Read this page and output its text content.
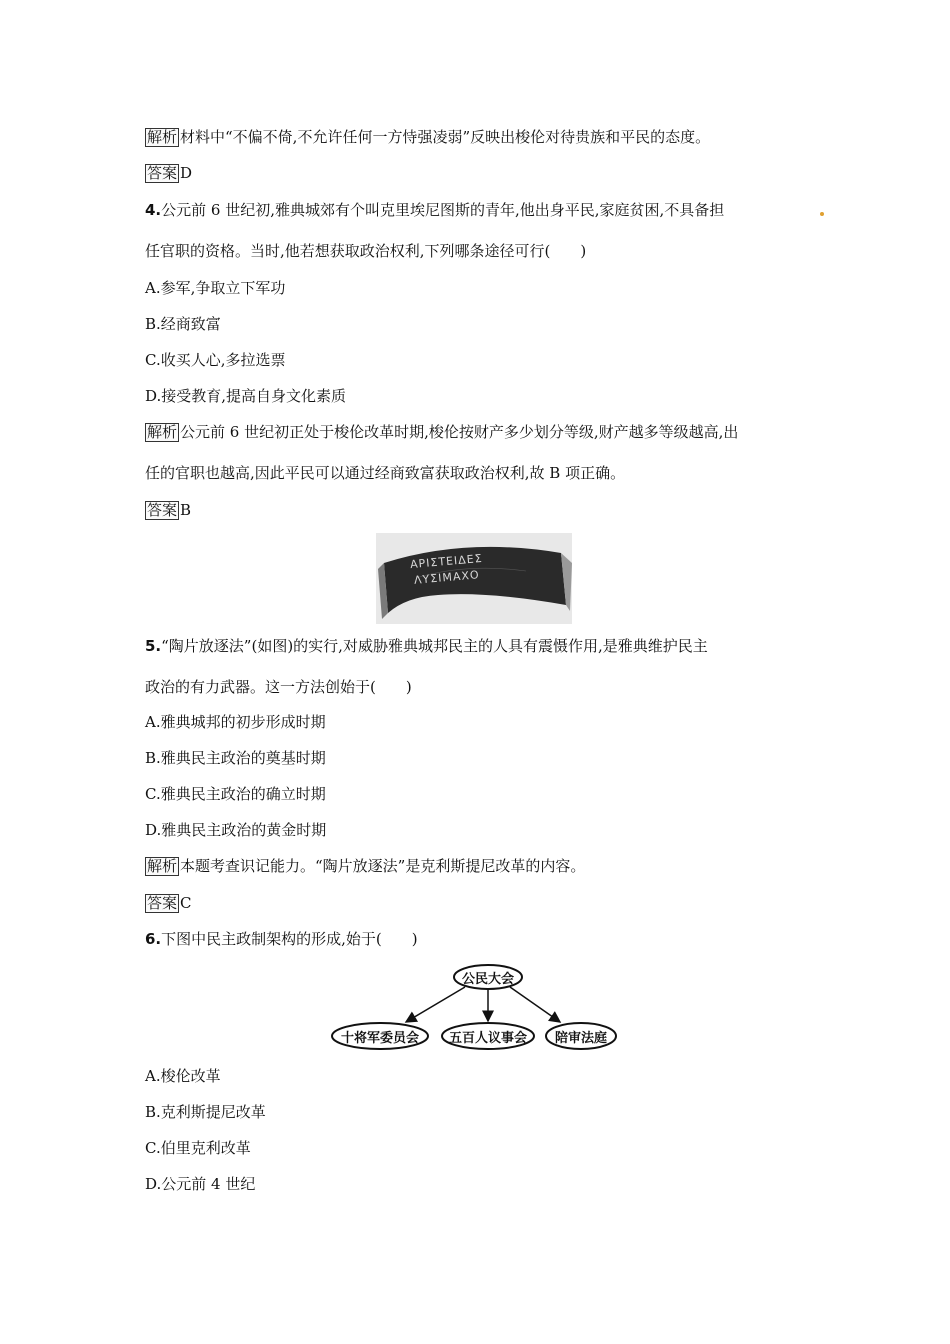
解析 材料中“不偏不倚,不允许任何一方恃强凌弱”反映出梭伦对待贵族和平民的态度。
答案 D
4.公元前 6 世纪初,雅典城郊有个叫克里埃尼图斯的青年,他出身平民,家庭贫困,不具备担
任官职的资格。当时,他若想获取政治权利,下列哪条途径可行(　　)
A.参军,争取立下军功
B.经商致富
C.收买人心,多拉选票
D.接受教育,提高自身文化素质
解析 公元前 6 世纪初正处于梭伦改革时期,梭伦按财产多少划分等级,财产越多等级越高,出
任的官职也越高,因此平民可以通过经商致富获取政治权利,故 B 项正确。
答案 B
ΑΡΙΣΤΕΙΔΕΣ
ΛΥΣΙΜΑΧΟ
5.“陶片放逐法”(如图)的实行,对威胁雅典城邦民主的人具有震慑作用,是雅典维护民主
政治的有力武器。这一方法创始于(　　)
A.雅典城邦的初步形成时期
B.雅典民主政治的奠基时期
C.雅典民主政治的确立时期
D.雅典民主政治的黄金时期
解析 本题考查识记能力。“陶片放逐法”是克利斯提尼改革的内容。
答案 C
6.下图中民主政制架构的形成,始于(　　)
公民大会
十将军委员会	五百人议事会	陪审法庭
A.梭伦改革
B.克利斯提尼改革
C.伯里克利改革
D.公元前 4 世纪
